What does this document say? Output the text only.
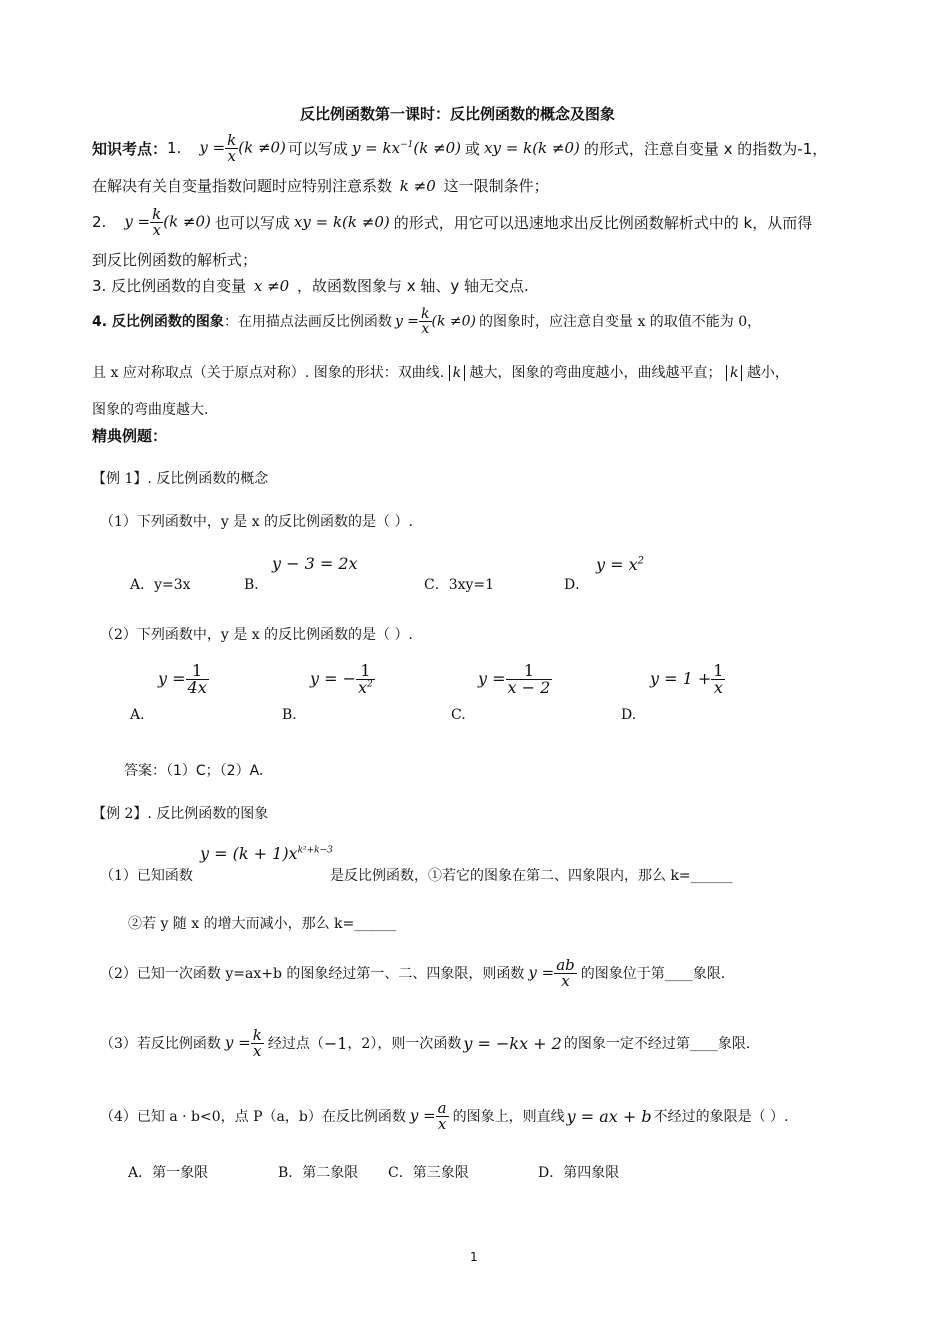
反比例函数第一课时：反比例函数的概念及图象
知识考点： 1. $y = \frac{k}{x} (k \ne 0)$ 可以写成 $y = kx^{-1}(k \ne 0)$ 或 xy = k(k ≠0) 的形式，注意自变量 x 的指数为-1，
在解决有关自变量指数问题时应特别注意系数 k ≠0 这一限制条件；
2. $y = \frac{k}{x} (k \ne 0)$ 也可以写成 xy = k(k ≠0) 的形式，用它可以迅速地求出反比例函数解析式中的 k，从而得
到反比例函数的解析式；
3. 反比例函数的自变量 x ≠0 ，故函数图象与 x 轴、y 轴无交点.
4. 反比例函数的图象 ：在用描点法画反比例函数 $y = \frac{k}{x} (k \ne 0)$ 的图象时，应注意自变量 x 的取值不能为 0，
且 x 应对称取点（关于原点对称）. 图象的形状：双曲线. k 越大，图象的弯曲度越小，曲线越平直； k 越小，
图象的弯曲度越大.
精典例题：
【例 1】. 反比例函数的概念
（1）下列函数中，y 是 x 的反比例函数的是（ ）.
A．y=3x	B．
y − 3 = 2x
C．3xy=1	D．
$y = x^2$
（2）下列函数中，y 是 x 的反比例函数的是（ ）.
A.
$y = \frac{1}{4x}$
B.
y = − $\frac{1}{x^2}$
C.
$y = \frac{1}{x - 2}$
D.
$y = 1 + \frac{1}{x}$
答案：（1）C；（2）A.
【例 2】. 反比例函数的图象
（1）已知函数
$y = (k + 1)x^{k^2+k-3}$
是反比例函数，①若它的图象在第二、四象限内，那么 k=______
②若 y 随 x 的增大而减小，那么 k=______
（2）已知一次函数 y=ax+b 的图象经过第一、二、四象限，则函数 $y = \frac{ab}{x}$ 的图象位于第____象限.
（3）若反比例函数 $y = \frac{k}{x}$ 经过点（ −1 ，2），则一次函数 y = −kx + 2 的图象一定不经过第____象限.
（4）已知 a · b<0，点 P（a，b）在反比例函数 $y = \frac{a}{x}$ 的图象上，则直线 y = ax + b 不经过的象限是（ ）.
A．第一象限	B．第二象限 C．第三象限	D．第四象限
1
